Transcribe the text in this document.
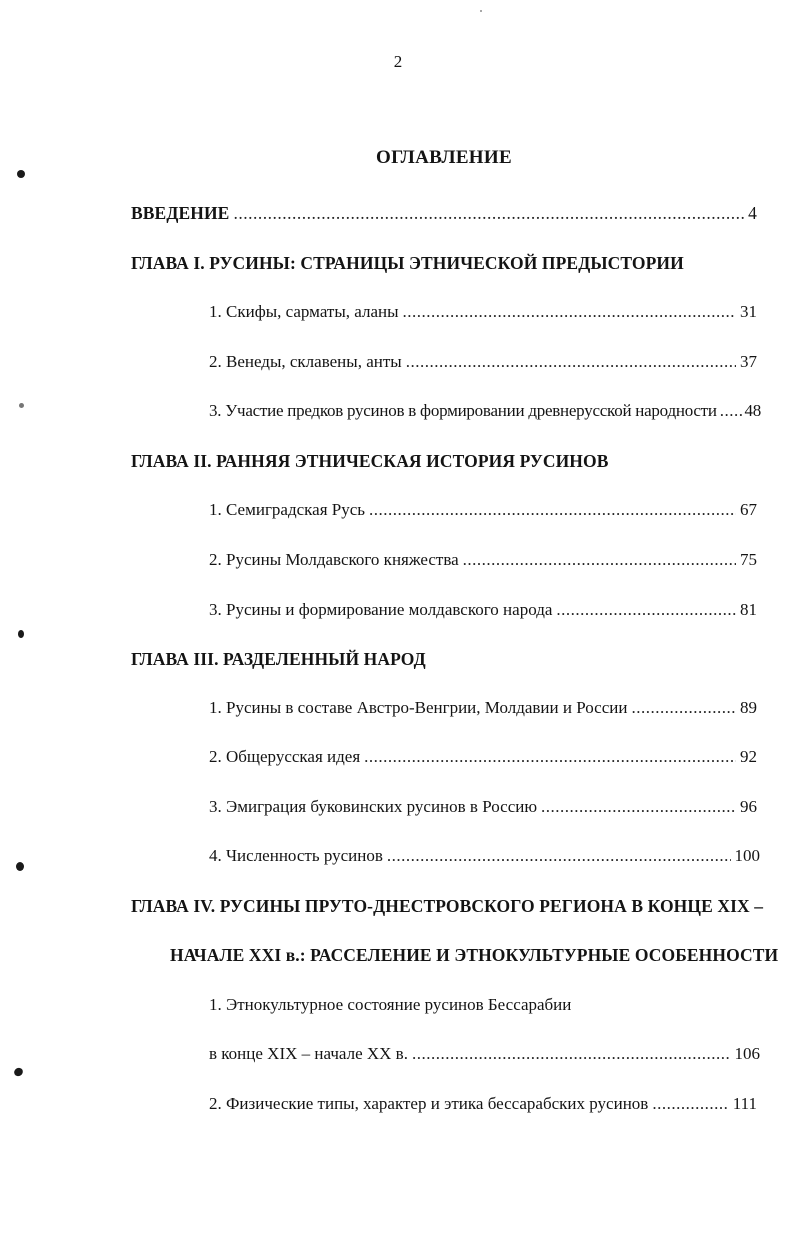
2
ОГЛАВЛЕНИЕ
ВВЕДЕНИЕ .....	4
ГЛАВА I. РУСИНЫ: СТРАНИЦЫ ЭТНИЧЕСКОЙ ПРЕДЫСТОРИИ
1. Скифы, сарматы, аланы .....	31
2. Венеды, склавены, анты .....	37
3. Участие предков русинов в формировании древнерусской народности ..... 48
ГЛАВА II. РАННЯЯ ЭТНИЧЕСКАЯ ИСТОРИЯ РУСИНОВ
1. Семиградская Русь .....	67
2. Русины Молдавского княжества .....	75
3. Русины и формирование молдавского народа .....	81
ГЛАВА III. РАЗДЕЛЕННЫЙ НАРОД
1. Русины в составе Австро-Венгрии, Молдавии и России .....	89
2. Общерусская идея .....	92
3. Эмиграция буковинских русинов в Россию .....	96
4. Численность русинов .....	100
ГЛАВА IV. РУСИНЫ ПРУТО-ДНЕСТРОВСКОГО РЕГИОНА В КОНЦЕ XIX –
НАЧАЛЕ XXI в.: РАССЕЛЕНИЕ И ЭТНОКУЛЬТУРНЫЕ ОСОБЕННОСТИ
1. Этнокультурное состояние русинов Бессарабии
в конце XIX – начале XX в. .....	106
2. Физические типы, характер и этика бессарабских русинов .....	111
